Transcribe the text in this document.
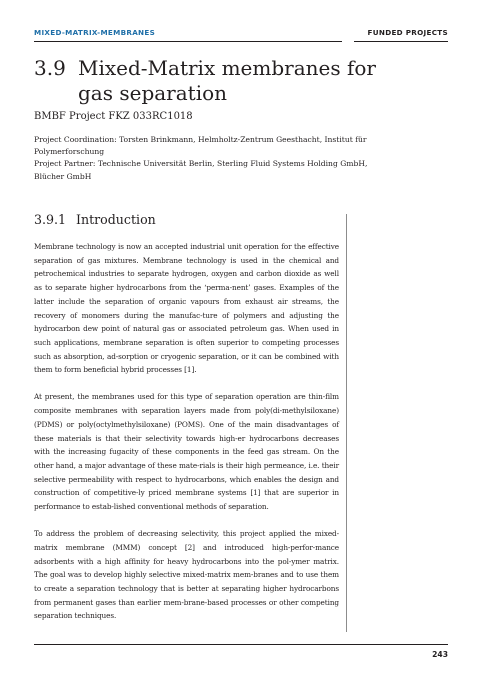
MIXED-MATRIX-MEMBRANES	FUNDED PROJECTS
3.9 Mixed-Matrix membranes for gas separation
BMBF Project FKZ 033RC1018
Project Coordination: Torsten Brinkmann, Helmholtz-Zentrum Geesthacht, Institut für
Polymerforschung
Project Partner: Technische Universität Berlin, Sterling Fluid Systems Holding GmbH,
Blücher GmbH
3.9.1 Introduction

Membrane technology is now an accepted industrial unit operation for the effective separation of gas mixtures. Membrane technology is used in the chemical and petrochemical industries to separate hydrogen, oxygen and carbon dioxide as well as to separate higher hydrocarbons from the ‘perma-nent’ gases. Examples of the latter include the separation of organic vapours from exhaust air streams, the recovery of monomers during the manufac-ture of polymers and adjusting the hydrocarbon dew point of natural gas or associated petroleum gas. When used in such applications, membrane separation is often superior to competing processes such as absorption, ad-sorption or cryogenic separation, or it can be combined with them to form beneficial hybrid processes [1].

At present, the membranes used for this type of separation operation are thin-film composite membranes with separation layers made from poly(di-methylsiloxane) (PDMS) or poly(octylmethylsiloxane) (POMS). One of the main disadvantages of these materials is that their selectivity towards high-er hydrocarbons decreases with the increasing fugacity of these components in the feed gas stream. On the other hand, a major advantage of these mate-rials is their high permeance, i.e. their selective permeability with respect to hydrocarbons, which enables the design and construction of competitive-ly priced membrane systems [1] that are superior in performance to estab-lished conventional methods of separation.

To address the problem of decreasing selectivity, this project applied the mixed-matrix membrane (MMM) concept [2] and introduced high-perfor-mance adsorbents with a high affinity for heavy hydrocarbons into the pol-ymer matrix. The goal was to develop highly selective mixed-matrix mem-branes and to use them to create a separation technology that is better at separating higher hydrocarbons from permanent gases than earlier mem-brane-based processes or other competing separation techniques.

243
